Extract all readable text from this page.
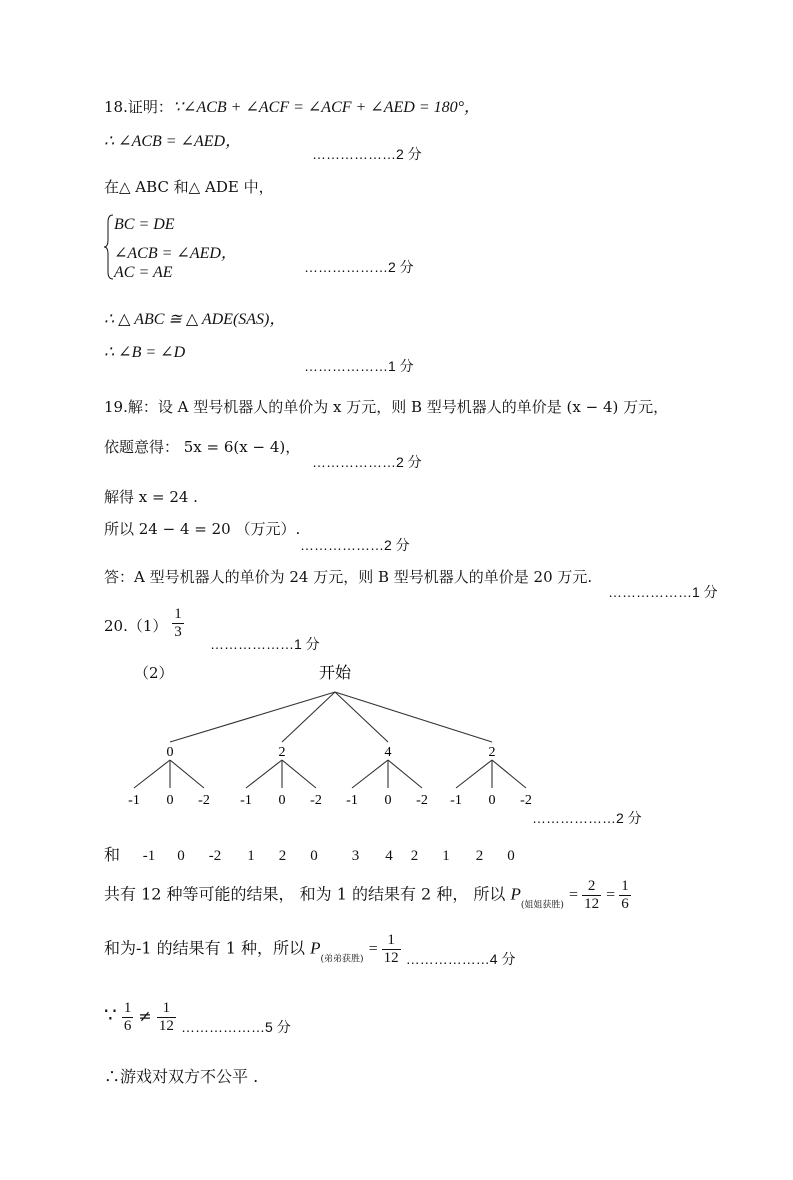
18.证明：∵∠ACB + ∠ACF = ∠ACF + ∠AED = 180°，
∴ ∠ACB = ∠AED，
………………2 分
在△ ABC 和△ ADE 中，
BC = DE
∠ACB = ∠AED，
AC = AE	………………2 分
∴ △ ABC ≅ △ ADE(SAS)，
∴ ∠B = ∠D
………………1 分
19.解：设 A 型号机器人的单价为 x 万元，则 B 型号机器人的单价是 (x − 4) 万元，
依题意得： 5x = 6(x − 4)，
………………2 分
解得 x = 24 .
所以 24 − 4 = 20 （万元）.
………………2 分
答：A 型号机器人的单价为 24 万元，则 B 型号机器人的单价是 20 万元.
………………1 分
$20.(1) \frac{1}{3}$
………………1 分
（2）	开始
0	2	4	2
-1 0 -2 -1 0 -2 -1 0 -2 -1 0 -2
………………2 分
和 -1 0 -2 1 2 0 3 4 2 1 2 0
共有 12 种等可能的结果， 和为 1 的结果有 2 种， 所以 $P_{(姐姐获胜)} = \frac{2}{12} = \frac{1}{6}$
和为-1 的结果有 1 种，所以 $P_{(弟弟获胜)} = \frac{1}{12}$ ………………4 分
∵ $\frac{1}{6} \ne \frac{1}{12}$ ………………5 分
∴游戏对双方不公平 .
